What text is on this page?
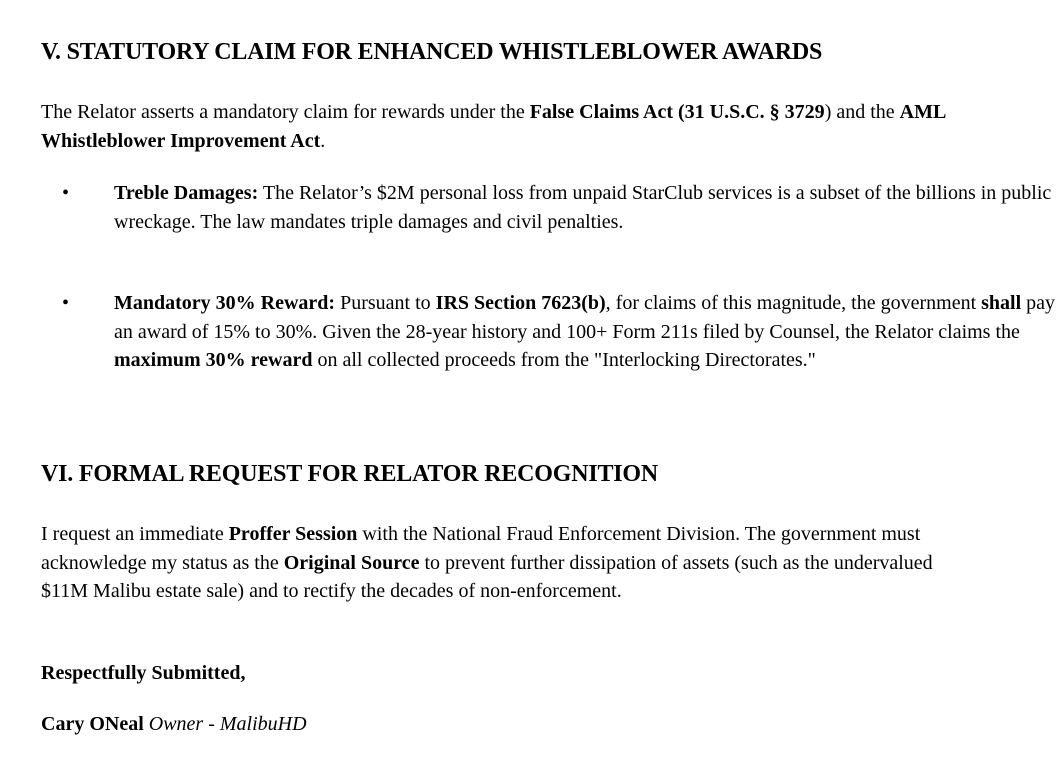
V. STATUTORY CLAIM FOR ENHANCED WHISTLEBLOWER AWARDS

The Relator asserts a mandatory claim for rewards under the False Claims Act (31 U.S.C. § 3729) and the AML Whistleblower Improvement Act.

• Treble Damages: The Relator’s $2M personal loss from unpaid StarClub services is a subset of the billions in public wreckage. The law mandates triple damages and civil penalties.
• Mandatory 30% Reward: Pursuant to IRS Section 7623(b), for claims of this magnitude, the government shall pay an award of 15% to 30%. Given the 28-year history and 100+ Form 211s filed by Counsel, the Relator claims the maximum 30% reward on all collected proceeds from the "Interlocking Directorates."
VI. FORMAL REQUEST FOR RELATOR RECOGNITION

I request an immediate Proffer Session with the National Fraud Enforcement Division. The government must acknowledge my status as the Original Source to prevent further dissipation of assets (such as the undervalued $11M Malibu estate sale) and to rectify the decades of non-enforcement.

Respectfully Submitted,

Cary ONeal Owner - MalibuHD
